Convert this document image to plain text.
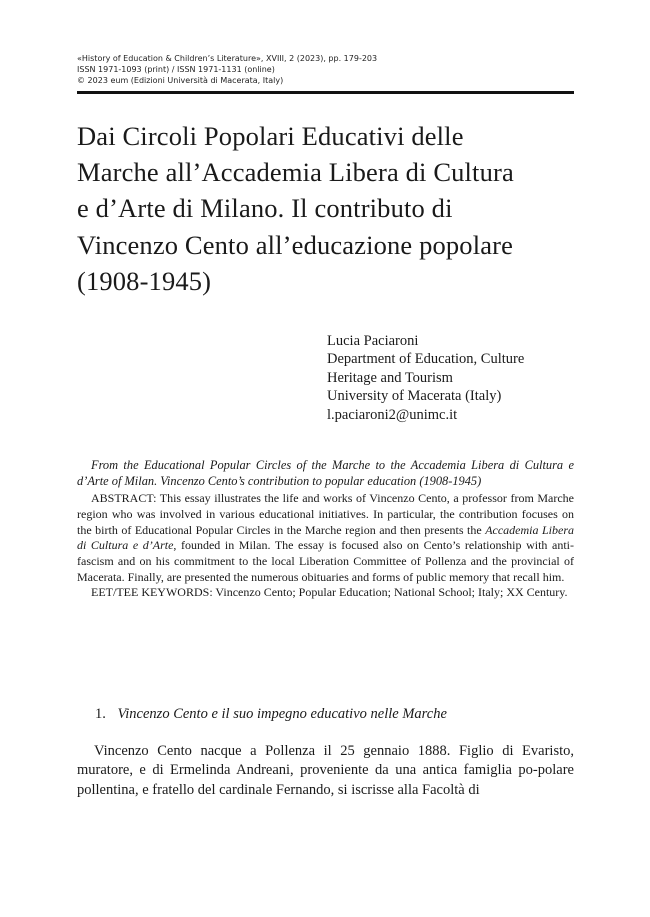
«History of Education & Children’s Literature», XVIII, 2 (2023), pp. 179-203
ISSN 1971-1093 (print) / ISSN 1971-1131 (online)
© 2023 eum (Edizioni Università di Macerata, Italy)
Dai Circoli Popolari Educativi delle
Marche all’Accademia Libera di Cultura
e d’Arte di Milano. Il contributo di
Vincenzo Cento all’educazione popolare
(1908-1945)
Lucia Paciaroni
Department of Education, Culture
Heritage and Tourism
University of Macerata (Italy)
l.paciaroni2@unimc.it

From the Educational Popular Circles of the Marche to the Accademia Libera di Cultura e d’Arte of Milan. Vincenzo Cento’s contribution to popular education (1908-1945)

ABSTRACT: This essay illustrates the life and works of Vincenzo Cento, a professor from Marche region who was involved in various educational initiatives. In particular, the contribution focuses on the birth of Educational Popular Circles in the Marche region and then presents the Accademia Libera di Cultura e d’Arte, founded in Milan. The essay is focused also on Cento’s relationship with anti-fascism and on his commitment to the local Liberation Committee of Pollenza and the provincial of Macerata. Finally, are presented the numerous obituaries and forms of public memory that recall him.

EET/TEE KEYWORDS: Vincenzo Cento; Popular Education; National School; Italy; XX Century.

1. Vincenzo Cento e il suo impegno educativo nelle Marche

Vincenzo Cento nacque a Pollenza il 25 gennaio 1888. Figlio di Evaristo, muratore, e di Ermelinda Andreani, proveniente da una antica famiglia po-polare pollentina, e fratello del cardinale Fernando, si iscrisse alla Facoltà di
